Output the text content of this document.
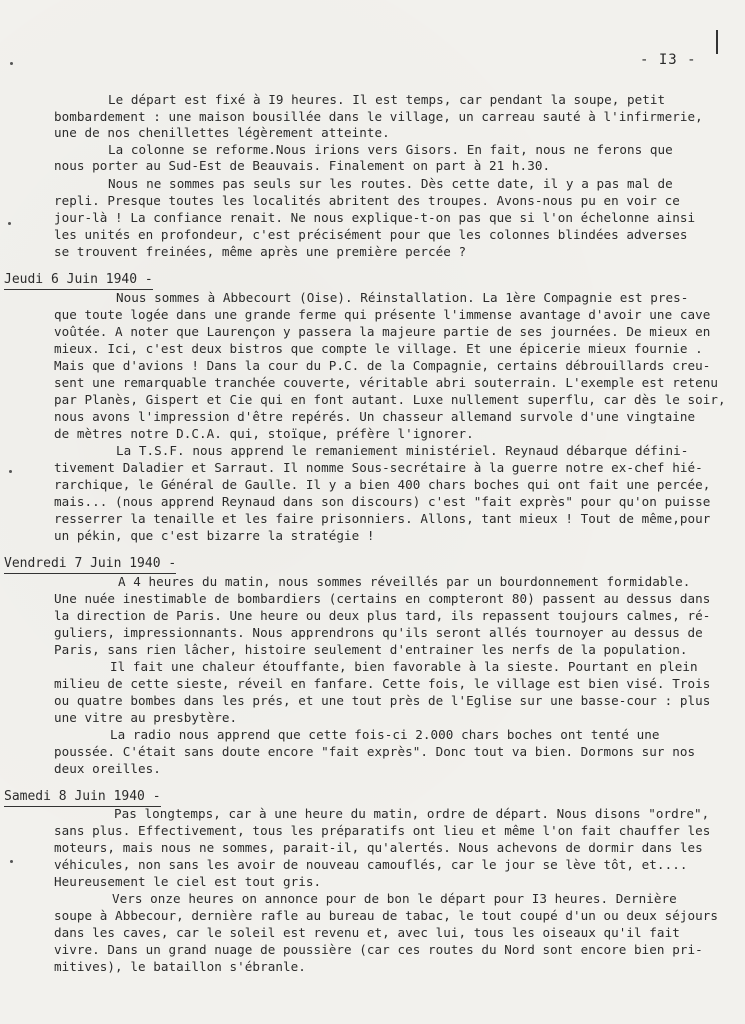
- I3 -
Le départ est fixé à I9 heures. Il est temps, car pendant la soupe, petit
bombardement : une maison bousillée dans le village, un carreau sauté à l'infirmerie,
une de nos chenillettes légèrement atteinte.
La colonne se reforme.Nous irions vers Gisors. En fait, nous ne ferons que
nous porter au Sud-Est de Beauvais. Finalement on part à 21 h.30.
Nous ne sommes pas seuls sur les routes. Dès cette date, il y a pas mal de
repli. Presque toutes les localités abritent des troupes. Avons-nous pu en voir ce
jour-là ! La confiance renait. Ne nous explique-t-on pas que si l'on échelonne ainsi
les unités en profondeur, c'est précisément pour que les colonnes blindées adverses
se trouvent freinées, même après une première percée ?
Nous sommes à Abbecourt (Oise). Réinstallation. La 1ère Compagnie est pres-
que toute logée dans une grande ferme qui présente l'immense avantage d'avoir une cave
voûtée. A noter que Laurençon y passera la majeure partie de ses journées. De mieux en
mieux. Ici, c'est deux bistros que compte le village. Et une épicerie mieux fournie .
Mais que d'avions ! Dans la cour du P.C. de la Compagnie, certains débrouillards creu-
sent une remarquable tranchée couverte, véritable abri souterrain. L'exemple est retenu
par Planès, Gispert et Cie qui en font autant. Luxe nullement superflu, car dès le soir,
nous avons l'impression d'être repérés. Un chasseur allemand survole d'une vingtaine
de mètres notre D.C.A. qui, stoïque, préfère l'ignorer.
La T.S.F. nous apprend le remaniement ministériel. Reynaud débarque défini-
tivement Daladier et Sarraut. Il nomme Sous-secrétaire à la guerre notre ex-chef hié-
rarchique, le Général de Gaulle. Il y a bien 400 chars boches qui ont fait une percée,
mais... (nous apprend Reynaud dans son discours) c'est "fait exprès" pour qu'on puisse
resserrer la tenaille et les faire prisonniers. Allons, tant mieux ! Tout de même,pour
un pékin, que c'est bizarre la stratégie !
A 4 heures du matin, nous sommes réveillés par un bourdonnement formidable.
Une nuée inestimable de bombardiers (certains en compteront 80) passent au dessus dans
la direction de Paris. Une heure ou deux plus tard, ils repassent toujours calmes, ré-
guliers, impressionnants. Nous apprendrons qu'ils seront allés tournoyer au dessus de
Paris, sans rien lâcher, histoire seulement d'entrainer les nerfs de la population.
Il fait une chaleur étouffante, bien favorable à la sieste. Pourtant en plein
milieu de cette sieste, réveil en fanfare. Cette fois, le village est bien visé. Trois
ou quatre bombes dans les prés, et une tout près de l'Eglise sur une basse-cour : plus
une vitre au presbytère.
La radio nous apprend que cette fois-ci 2.000 chars boches ont tenté une
poussée. C'était sans doute encore "fait exprès". Donc tout va bien. Dormons sur nos
deux oreilles.
Pas longtemps, car à une heure du matin, ordre de départ. Nous disons "ordre",
sans plus. Effectivement, tous les préparatifs ont lieu et même l'on fait chauffer les
moteurs, mais nous ne sommes, parait-il, qu'alertés. Nous achevons de dormir dans les
véhicules, non sans les avoir de nouveau camouflés, car le jour se lève tôt, et....
Heureusement le ciel est tout gris.
Vers onze heures on annonce pour de bon le départ pour I3 heures. Dernière
soupe à Abbecour, dernière rafle au bureau de tabac, le tout coupé d'un ou deux séjours
dans les caves, car le soleil est revenu et, avec lui, tous les oiseaux qu'il fait
vivre. Dans un grand nuage de poussière (car ces routes du Nord sont encore bien pri-
mitives), le bataillon s'ébranle.
Jeudi 6 Juin 1940 -
Vendredi 7 Juin 1940 -
Samedi 8 Juin 1940 -
